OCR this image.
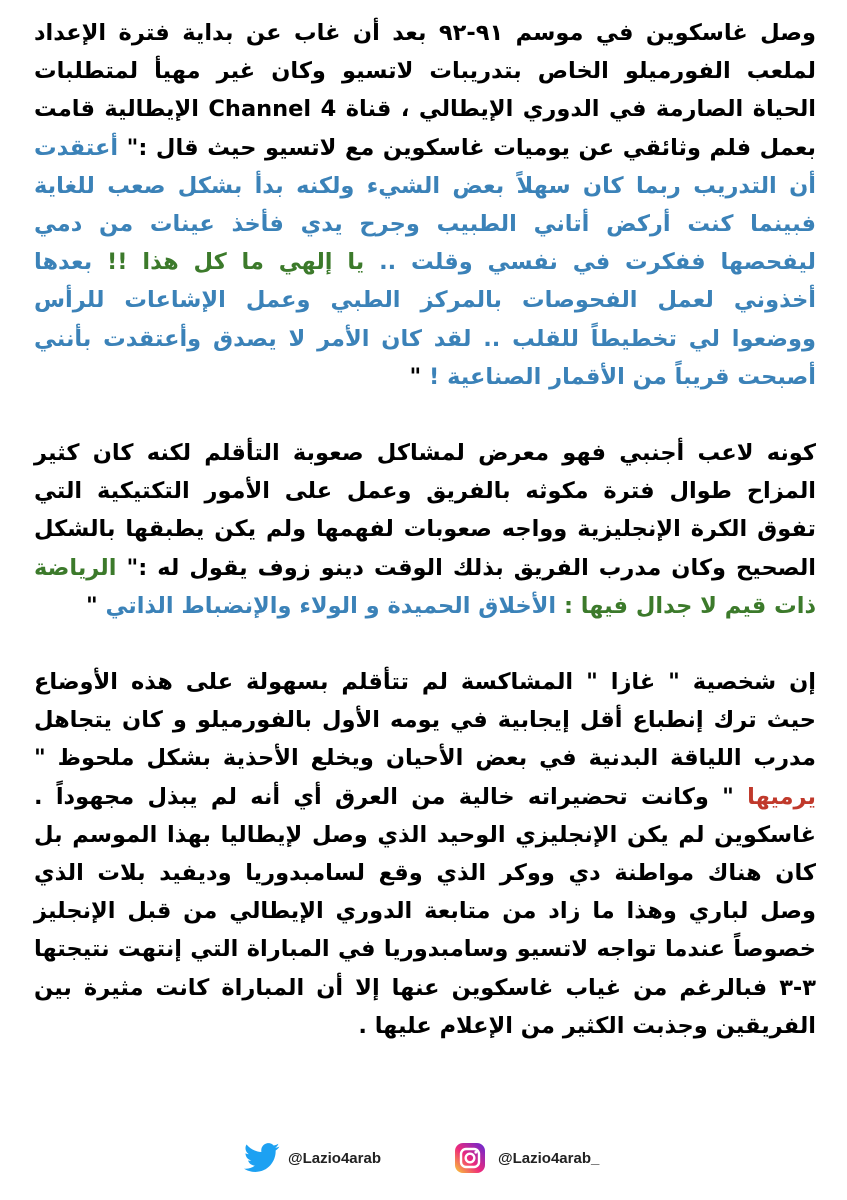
وصل غاسكوين في موسم ٩١-٩٢ بعد أن غاب عن بداية فترة الإعداد لملعب الفورميلو الخاص بتدريبات لاتسيو وكان غير مهيأ لمتطلبات الحياة الصارمة في الدوري الإيطالي ، قناة Channel 4 الإيطالية قامت بعمل فلم وثائقي عن يوميات غاسكوين مع لاتسيو حيث قال :" أعتقدت أن التدريب ربما كان سهلاً بعض الشيء ولكنه بدأ بشكل صعب للغاية فبينما كنت أركض أتاني الطبيب وجرح يدي فأخذ عينات من دمي ليفحصها ففكرت في نفسي وقلت .. يا إلهي ما كل هذا !! بعدها أخذوني لعمل الفحوصات بالمركز الطبي وعمل الإشاعات للرأس ووضعوا لي تخطيطاً للقلب .. لقد كان الأمر لا يصدق وأعتقدت بأنني أصبحت قريباً من الأقمار الصناعية ! "

كونه لاعب أجنبي فهو معرض لمشاكل صعوبة التأقلم لكنه كان كثير المزاح طوال فترة مكوثه بالفريق وعمل على الأمور التكتيكية التي تفوق الكرة الإنجليزية وواجه صعوبات لفهمها ولم يكن يطبقها بالشكل الصحيح وكان مدرب الفريق بذلك الوقت دينو زوف يقول له :" الرياضة ذات قيم لا جدال فيها : الأخلاق الحميدة و الولاء والإنضباط الذاتي "

إن شخصية " غازا " المشاكسة لم تتأقلم بسهولة على هذه الأوضاع حيث ترك إنطباع أقل إيجابية في يومه الأول بالفورميلو و كان يتجاهل مدرب اللياقة البدنية في بعض الأحيان ويخلع الأحذية بشكل ملحوظ " يرميها " وكانت تحضيراته خالية من العرق أي أنه لم يبذل مجهوداً . غاسكوين لم يكن الإنجليزي الوحيد الذي وصل لإيطاليا بهذا الموسم بل كان هناك مواطنة دي ووكر الذي وقع لسامبدوريا وديفيد بلات الذي وصل لباري وهذا ما زاد من متابعة الدوري الإيطالي من قبل الإنجليز خصوصاً عندما تواجه لاتسيو وسامبدوريا في المباراة التي إنتهت نتيجتها ٣-٣ فبالرغم من غياب غاسكوين عنها إلا أن المباراة كانت مثيرة بين الفريقين وجذبت الكثير من الإعلام عليها .

@Lazio4arab	@Lazio4arab_
